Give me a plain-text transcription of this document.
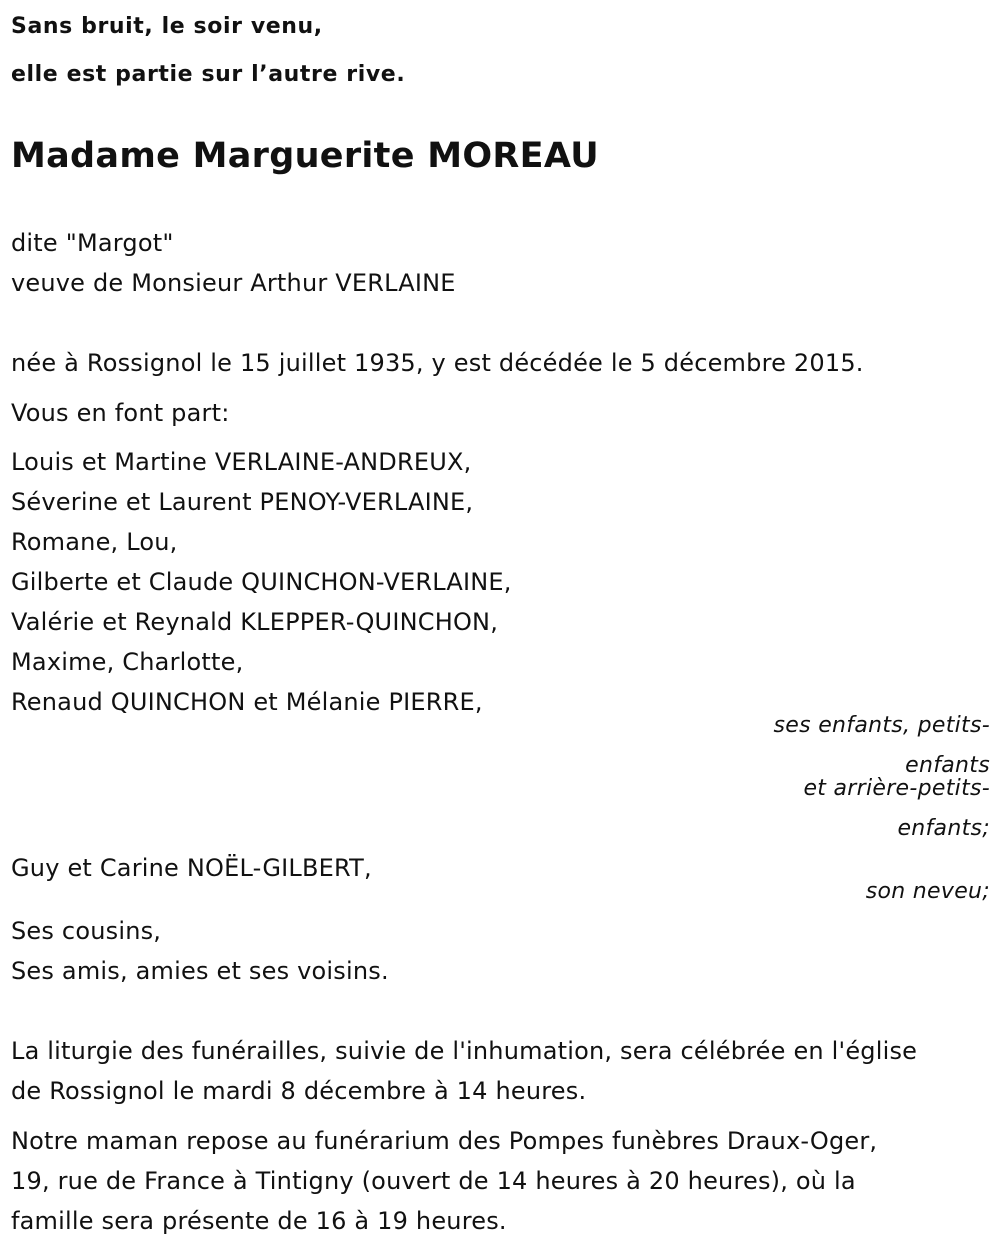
Sans bruit, le soir venu,
elle est partie sur l’autre rive.
Madame Marguerite MOREAU
dite "Margot"
veuve de Monsieur Arthur VERLAINE
née à Rossignol le 15 juillet 1935, y est décédée le 5 décembre 2015.
Vous en font part:
Louis et Martine VERLAINE-ANDREUX,
Séverine et Laurent PENOY-VERLAINE,
Romane, Lou,
Gilberte et Claude QUINCHON-VERLAINE,
Valérie et Reynald KLEPPER-QUINCHON,
Maxime, Charlotte,
Renaud QUINCHON et Mélanie PIERRE,
ses enfants, petits-
enfants
et arrière-petits-
enfants;
Guy et Carine NOËL-GILBERT,
son neveu;
Ses cousins,
Ses amis, amies et ses voisins.
La liturgie des funérailles, suivie de l'inhumation, sera célébrée en l'église
de Rossignol le mardi 8 décembre à 14 heures.
Notre maman repose au funérarium des Pompes funèbres Draux-Oger,
19, rue de France à Tintigny (ouvert de 14 heures à 20 heures), où la
famille sera présente de 16 à 19 heures.
